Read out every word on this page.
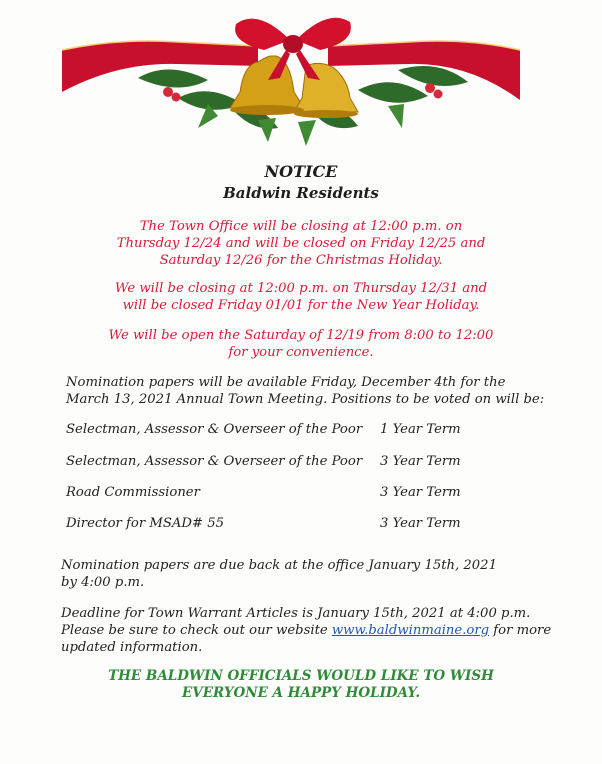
NOTICE
Baldwin Residents
The Town Office will be closing at 12:00 p.m. on
Thursday 12/24 and will be closed on Friday 12/25 and
Saturday 12/26 for the Christmas Holiday.
We will be closing at 12:00 p.m. on Thursday 12/31 and
will be closed Friday 01/01 for the New Year Holiday.
We will be open the Saturday of 12/19 from 8:00 to 12:00
for your convenience.
Nomination papers will be available Friday, December 4th for the
March 13, 2021 Annual Town Meeting. Positions to be voted on will be:
Selectman, Assessor & Overseer of the Poor 1 Year Term
Selectman, Assessor & Overseer of the Poor 3 Year Term
Road Commissioner	3 Year Term
Director for MSAD# 55	3 Year Term
Nomination papers are due back at the office January 15th, 2021
by 4:00 p.m.
Deadline for Town Warrant Articles is January 15th, 2021 at 4:00 p.m.
Please be sure to check out our website www.baldwinmaine.org for more
updated information.
THE BALDWIN OFFICIALS WOULD LIKE TO WISH
EVERYONE A HAPPY HOLIDAY.
